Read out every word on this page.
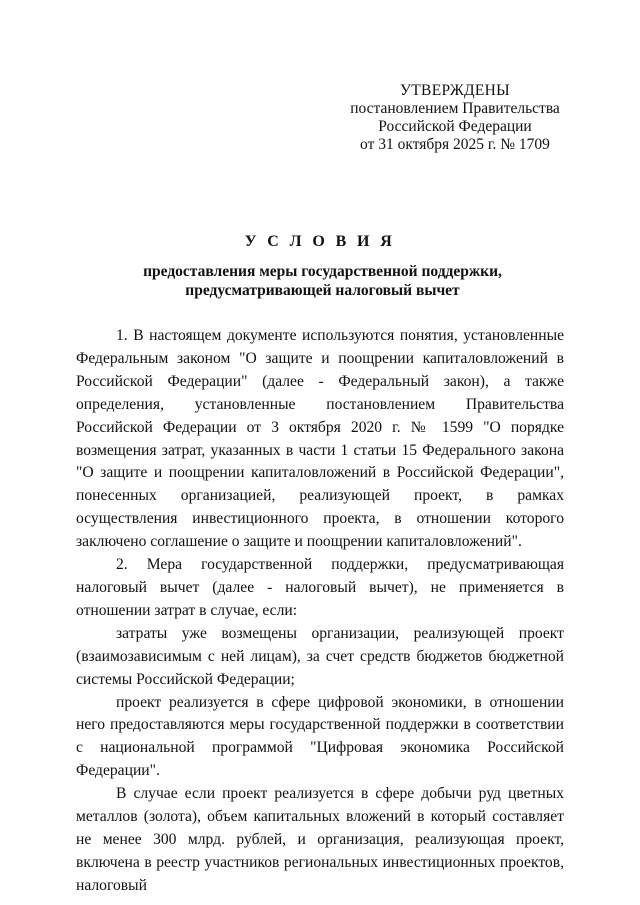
УТВЕРЖДЕНЫ
постановлением Правительства
Российской Федерации
от 31 октября 2025 г. № 1709
У С Л О В И Я
предоставления меры государственной поддержки,
предусматривающей налоговый вычет

1. В настоящем документе используются понятия, установленные Федеральным законом "О защите и поощрении капиталовложений в Российской Федерации" (далее - Федеральный закон), а также определения, установленные постановлением Правительства Российской Федерации от 3 октября 2020 г. № 1599 "О порядке возмещения затрат, указанных в части 1 статьи 15 Федерального закона "О защите и поощрении капиталовложений в Российской Федерации", понесенных организацией, реализующей проект, в рамках осуществления инвестиционного проекта, в отношении которого заключено соглашение о защите и поощрении капиталовложений".

2. Мера государственной поддержки, предусматривающая налоговый вычет (далее - налоговый вычет), не применяется в отношении затрат в случае, если:

затраты уже возмещены организации, реализующей проект (взаимозависимым с ней лицам), за счет средств бюджетов бюджетной системы Российской Федерации;

проект реализуется в сфере цифровой экономики, в отношении него предоставляются меры государственной поддержки в соответствии с национальной программой "Цифровая экономика Российской Федерации".

В случае если проект реализуется в сфере добычи руд цветных металлов (золота), объем капитальных вложений в который составляет не менее 300 млрд. рублей, и организация, реализующая проект, включена в реестр участников региональных инвестиционных проектов, налоговый
